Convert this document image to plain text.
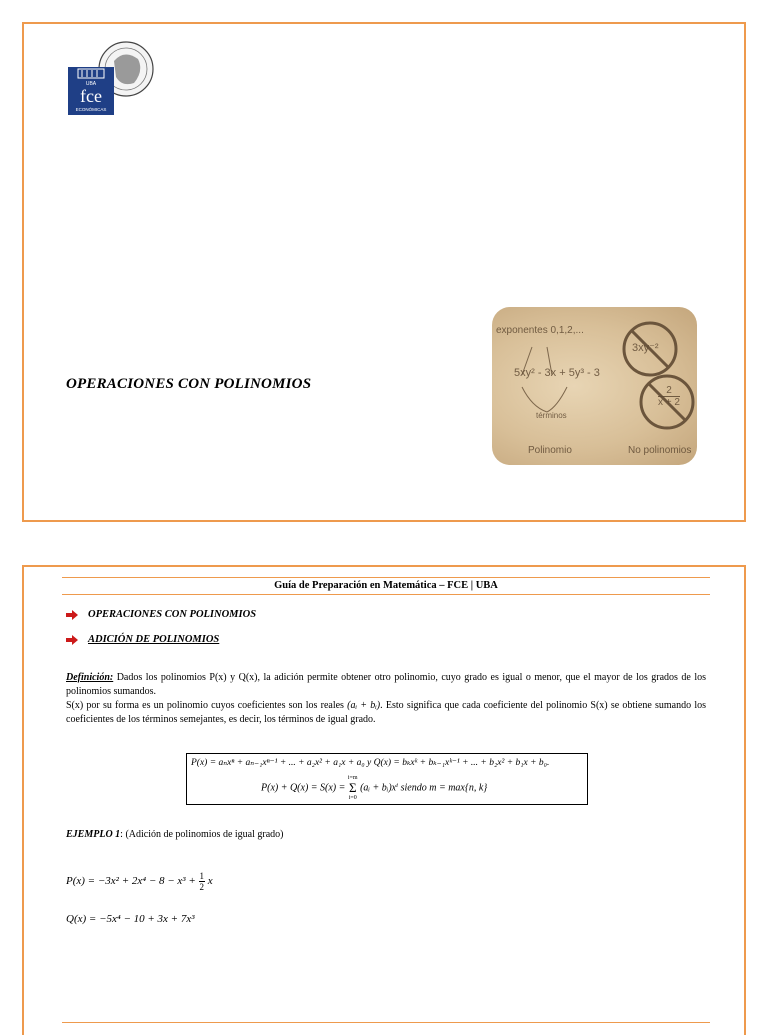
UBA
fce
ECONÓMICAS
OPERACIONES CON POLINOMIOS
exponentes 0,1,2,...
5xy² - 3x + 5y³ - 3
términos
3xy⁻²
$\frac{2}{x + 2}$
Polinomio	No polinomios
Guía de Preparación en Matemática – FCE | UBA
OPERACIONES CON POLINOMIOS
ADICIÓN DE POLINOMIOS
Definición: Dados los polinomios P(x) y Q(x), la adición permite obtener otro polinomio, cuyo grado es igual o menor, que el mayor de los grados de los polinomios sumandos.
S(x) por su forma es un polinomio cuyos coeficientes son los reales (aᵢ + bᵢ). Esto significa que cada coeficiente del polinomio S(x) se obtiene sumando los coeficientes de los términos semejantes, es decir, los términos de igual grado.
P(x) = aₙxⁿ + aₙ₋₁xⁿ⁻¹ + ... + a₂x² + a₁x + a₀ y Q(x) = bₖxᵏ + bₖ₋₁xᵏ⁻¹ + ... + b₂x² + b₁x + b₀.
P(x) + Q(x) = S(x) =
i=m
Σ
i=0
(aᵢ + bᵢ)xⁱ siendo m = max{n, k}
EJEMPLO 1: (Adición de polinomios de igual grado)
$P(x) = -3x^2 + 2x^4 - 8 - x^3 + \frac{1}{2}$ x
Q(x) = −5x⁴ − 10 + 3x + 7x³
